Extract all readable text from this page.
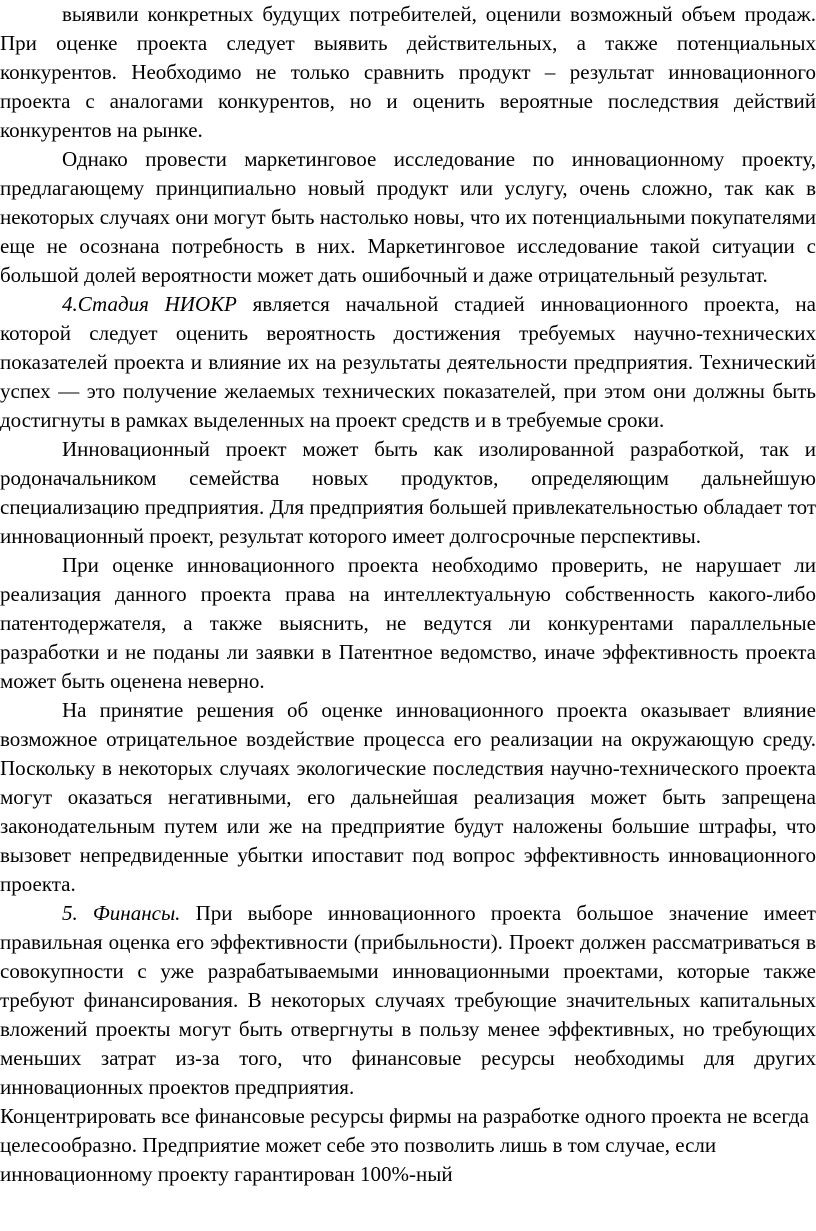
выявили конкретных будущих потребителей, оценили возможный объем продаж. При оценке проекта следует выявить действительных, а также потенциальных конкурентов. Необходимо не только сравнить продукт – результат инновационного проекта с аналогами конкурентов, но и оценить вероятные последствия действий конкурентов на рынке.

Однако провести маркетинговое исследование по инновационному проекту, предлагающему принципиально новый продукт или услугу, очень сложно, так как в некоторых случаях они могут быть настолько новы, что их потенциальными покупателями еще не осознана потребность в них. Маркетинговое исследование такой ситуации с большой долей вероятности может дать ошибочный и даже отрицательный результат.

4.Стадия НИОКР является начальной стадией инновационного проекта, на которой следует оценить вероятность достижения требуемых научно-технических показателей проекта и влияние их на результаты деятельности предприятия. Технический успех — это получение желаемых технических показателей, при этом они должны быть достигнуты в рамках выделенных на проект средств и в требуемые сроки.

Инновационный проект может быть как изолированной разработкой, так и родоначальником семейства новых продуктов, определяющим дальнейшую специализацию предприятия. Для предприятия большей привлекательностью обладает тот инновационный проект, результат которого имеет долгосрочные перспективы.

При оценке инновационного проекта необходимо проверить, не нарушает ли реализация данного проекта права на интеллектуальную собственность какого-либо патентодержателя, а также выяснить, не ведутся ли конкурентами параллельные разработки и не поданы ли заявки в Патентное ведомство, иначе эффективность проекта может быть оценена неверно.

На принятие решения об оценке инновационного проекта оказывает влияние возможное отрицательное воздействие процесса его реализации на окружающую среду. Поскольку в некоторых случаях экологические последствия научно-технического проекта могут оказаться негативными, его дальнейшая реализация может быть запрещена законодательным путем или же на предприятие будут наложены большие штрафы, что вызовет непредвиденные убытки ипоставит под вопрос эффективность инновационного проекта.

5. Финансы. При выборе инновационного проекта большое значение имеет правильная оценка его эффективности (прибыльности). Проект должен рассматриваться в совокупности с уже разрабатываемыми инновационными проектами, которые также требуют финансирования. В некоторых случаях требующие значительных капитальных вложений проекты могут быть отвергнуты в пользу менее эффективных, но требующих меньших затрат из-за того, что финансовые ресурсы необходимы для других инновационных проектов предприятия.

Концентрировать все финансовые ресурсы фирмы на разработке одного проекта не всегда целесообразно. Предприятие может себе это позволить лишь в том случае, если инновационному проекту гарантирован 100%-ный
